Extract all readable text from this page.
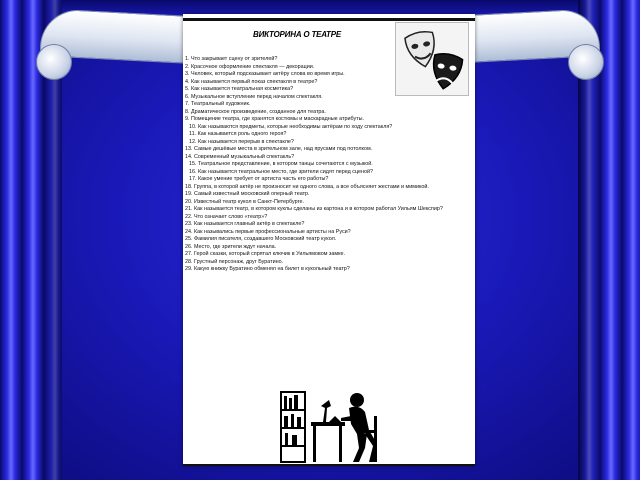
ВИКТОРИНА О ТЕАТРЕ
1. Что закрывает сцену от зрителей?
2. Красочное оформление спектакля — декорации.
3. Человек, который подсказывает актёру слова во время игры.
4. Как называется первый показ спектакля в театре?
5. Как называется театральная косметика?
6. Музыкальное вступление перед началом спектакля.
7. Театральный художник.
8. Драматическое произведение, созданное для театра.
9. Помещение театра, где хранятся костюмы и маскарадные атрибуты.
10. Как называются предметы, которые необходимы актёрам по ходу спектакля?
11. Как называется роль одного героя?
12. Как называется перерыв в спектакле?
13. Самые дешёвые места в зрительном зале, над ярусами под потолком.
14. Современный музыкальный спектакль?
15. Театральное представление, в котором танцы сочетаются с музыкой.
16. Как называется театральное место, где зрители сидят перед сценой?
17. Какое умение требует от артиста часть его работы?
18. Группа, в которой актёр не произносит ни одного слова, а все объясняет жестами и мимикой.
19. Самый известный московский оперный театр.
20. Известный театр кукол в Санкт-Петербурге.
21. Как называется театр, в котором куклы сделаны из картона и в котором работал Уильям Шекспир?
22. Что означает слово «театр»?
23. Как называется главный актёр в спектакле?
24. Как назывались первые профессиональные артисты на Руси?
25. Фамилия писателя, создавшего Московский театр кукол.
26. Место, где зрители ждут начала.
27. Герой сказки, который спрятал ключик в Уильямовом замке.
28. Грустный персонаж, друг Буратино.
29. Какую книжку Буратино обменял на билет в кукольный театр?
